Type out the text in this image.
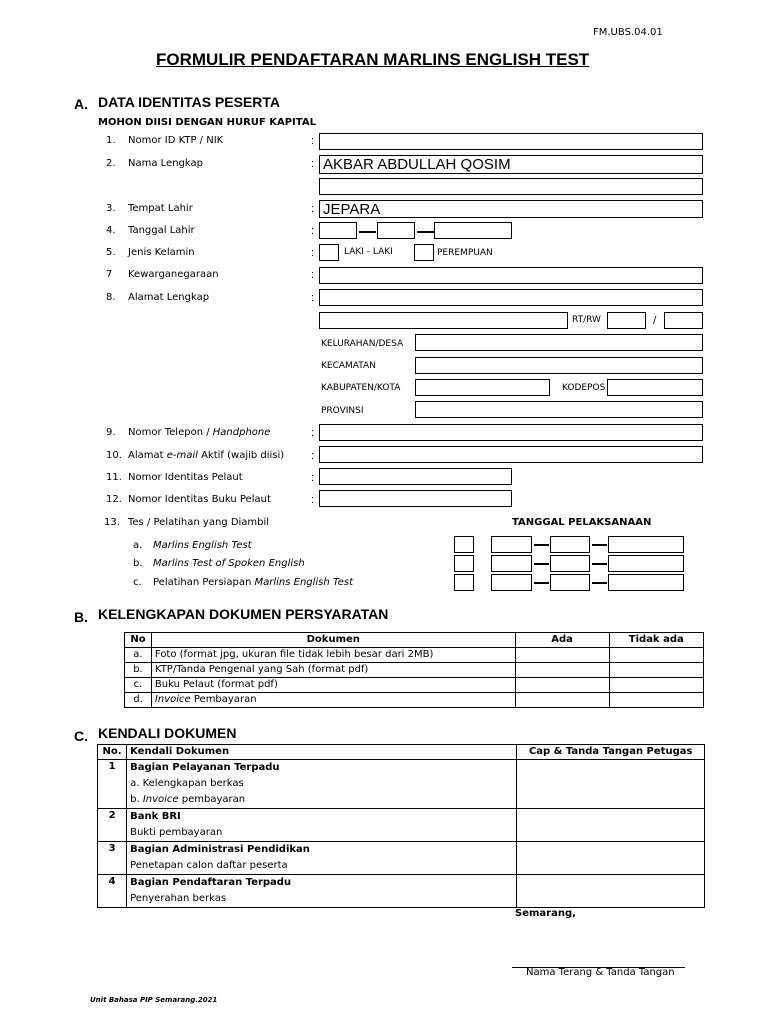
FM.UBS.04.01
FORMULIR PENDAFTARAN MARLINS ENGLISH TEST
A. DATA IDENTITAS PESERTA
MOHON DIISI DENGAN HURUF KAPITAL
1. Nomor ID KTP / NIK	:
2. Nama Lengkap	: AKBAR ABDULLAH QOSIM
3. Tempat Lahir	: JEPARA
4. Tanggal Lahir	:
5. Jenis Kelamin	:	LAKI - LAKI	PEREMPUAN
7 Kewarganegaraan	:
8. Alamat Lengkap	:
RT/RW	/
KELURAHAN/DESA
KECAMATAN
KABUPATEN/KOTA	KODEPOS
PROVINSI
9. Nomor Telepon / Handphone	:
10. Alamat e-mail Aktif (wajib diisi) :
11. Nomor Identitas Pelaut	:
12. Nomor Identitas Buku Pelaut	:
13. Tes / Pelatihan yang Diambil	TANGGAL PELAKSANAAN
a. Marlins English Test
b. Marlins Test of Spoken English
c. Pelatihan Persiapan Marlins English Test
B. KELENGKAPAN DOKUMEN PERSYARATAN
No	Dokumen	Ada	Tidak ada
a.	Foto (format jpg, ukuran file tidak lebih besar dari 2MB)		
b.	KTP/Tanda Pengenal yang Sah (format pdf)		
c.	Buku Pelaut (format pdf)		
d.	Invoice Pembayaran		
C. KENDALI DOKUMEN
No.	Kendali Dokumen	Cap & Tanda Tangan Petugas
1	Bagian Pelayanan Terpadu
a. Kelengkapan berkas
b. Invoice pembayaran	

2	Bank BRI
Bukti pembayaran	

3	Bagian Administrasi Pendidikan
Penetapan calon daftar peserta	

4	Bagian Pendaftaran Terpadu
Penyerahan berkas	

Semarang,
Nama Terang & Tanda Tangan
Unit Bahasa PIP Semarang.2021
